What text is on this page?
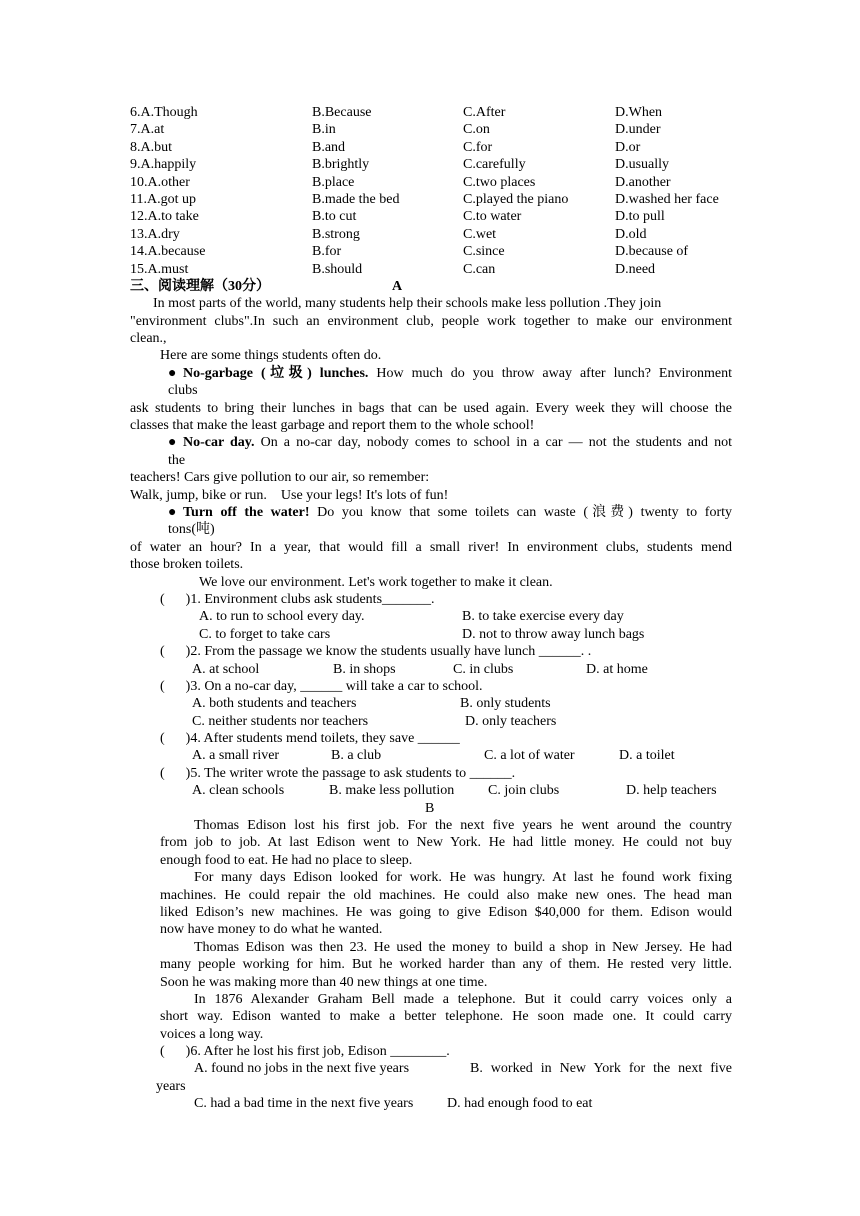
6.A.Though	B.Because	C.After	D.When
7.A.at	B.in	C.on	D.under
8.A.but	B.and	C.for	D.or
9.A.happily	B.brightly	C.carefully	D.usually
10.A.other	B.place	C.two places	D.another
11.A.got up	B.made the bed	C.played the piano	D.washed her face
12.A.to take	B.to cut	C.to water	D.to pull
13.A.dry	B.strong	C.wet	D.old
14.A.because	B.for	C.since	D.because of
15.A.must	B.should	C.can	D.need
三、阅读理解（30分）	A
In most parts of the world, many students help their schools make less pollution .They join
"environment clubs".In such an environment club, people work together to make our environment
clean.,
Here are some things students often do.
● No-garbage (垃圾) lunches. How much do you throw away after lunch? Environment
clubs
ask students to bring their lunches in bags that can be used again. Every week they will choose the
classes that make the least garbage and report them to the whole school!
● No-car day. On a no-car day, nobody comes to school in a car — not the students and not
the
teachers! Cars give pollution to our air, so remember:
Walk, jump, bike or run.    Use your legs! It's lots of fun!
● Turn off the water! Do you know that some toilets can waste (浪费) twenty to forty
tons(吨)
of water an hour? In a year, that would fill a small river! In environment clubs, students mend
those broken toilets.
We love our environment. Let's work together to make it clean.
(      )1. Environment clubs ask students_______.
A. to run to school every day.	B. to take exercise every day
C. to forget to take cars	D. not to throw away lunch bags
(      )2. From the passage we know the students usually have lunch ______. .
A. at school	B. in shops	C. in clubs	D. at home
(      )3. On a no-car day, ______ will take a car to school.
A. both students and teachers	B. only students
C. neither students nor teachers	D. only teachers
(      )4. After students mend toilets, they save ______
A. a small river	B. a club	C. a lot of water	D. a toilet
(      )5. The writer wrote the passage to ask students to ______.
A. clean schools	B. make less pollution C. join clubs	D. help teachers
B
Thomas Edison lost his first job. For the next five years he went around the country
from job to job. At last Edison went to New York. He had little money. He could not buy
enough food to eat. He had no place to sleep.
For many days Edison looked for work. He was hungry. At last he found work fixing
machines. He could repair the old machines. He could also make new ones. The head man
liked Edison’s new machines. He was going to give Edison $40,000 for them. Edison would
now have money to do what he wanted.
Thomas Edison was then 23. He used the money to build a shop in New Jersey. He had
many people working for him. But he worked harder than any of them. He rested very little.
Soon he was making more than 40 new things at one time.
In 1876 Alexander Graham Bell made a telephone. But it could carry voices only a
short way. Edison wanted to make a better telephone. He soon made one. It could carry
voices a long way.
(      )6. After he lost his first job, Edison ________.
A. found no jobs in the next five years	B. worked in New York for the next five
years
C. had a bad time in the next five years D. had enough food to eat
